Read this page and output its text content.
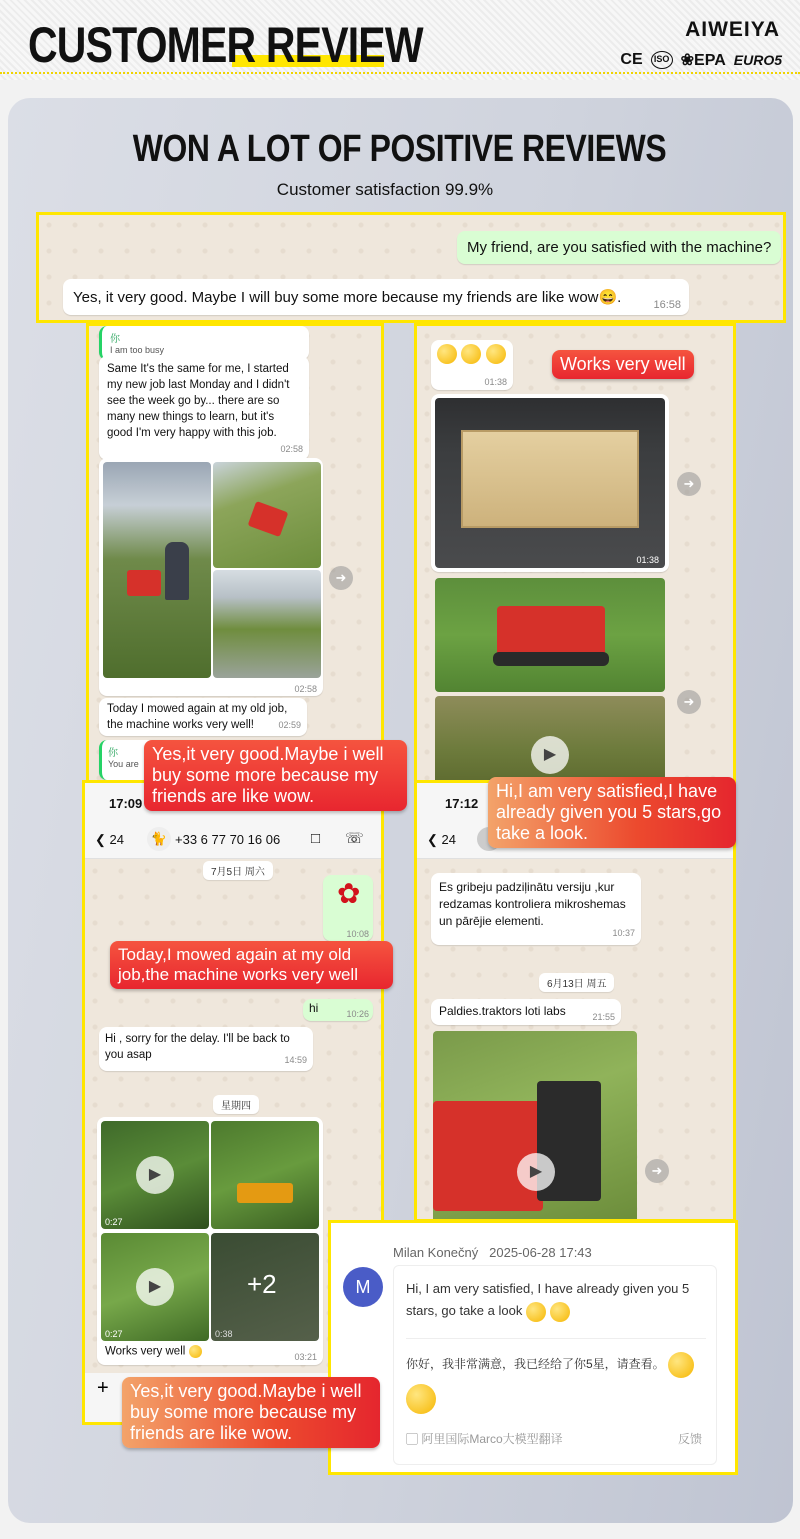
CUSTOMER REVIEW	AIWEIYA
CE	ISO ❀EPA EURO5
WON A LOT OF POSITIVE REVIEWS
Customer satisfaction 99.9%
My friend, are you satisfied with the machine?
Yes, it very good. Maybe I will buy some more because my friends are like wow😄.	16:58
你
I am too busy
Same It's the same for me, I started my new job last Monday and I didn't see the week go by... there are so many new things to learn, but it's good I'm very happy with this job.
02:58
02:58
➜
Today I mowed again at my old job, the machine works very well!	02:59
你
You are

01:38
01:38
➜
➜
▶
17:09
❮ 24	🐈 +33 6 77 70 16 06 □ ☏
7月5日 周六
✿
10:08
hi	10:26
Hi , sorry for the delay. I'll be back to you asap	14:59
星期四
▶
0:27
▶
0:27
+2
0:38
Works very well	03:21
+
17:12
❮ 24
Es gribeju padziļinātu versiju ,kur redzamas kontroliera mikroshemas un pārējie elementi.
10:37
6月13日 周五
Paldies.traktors loti labs	21:55
▶	➜
M
Milan Konečný 2025-06-28 17:43
Hi, I am very satisfied, I have already given you 5 stars, go take a look
你好，我非常满意，我已经给了你5星，请查看。

▢ 阿里国际Marco大模型翻译	反馈
Works very well
Yes,it very good.Maybe i well buy some more because my friends are like wow.	Hi,I am very satisfied,I have already given you 5 stars,go take a look.
Today,I mowed again at my old job,the machine works very well
Yes,it very good.Maybe i well buy some more because my friends are like wow.
